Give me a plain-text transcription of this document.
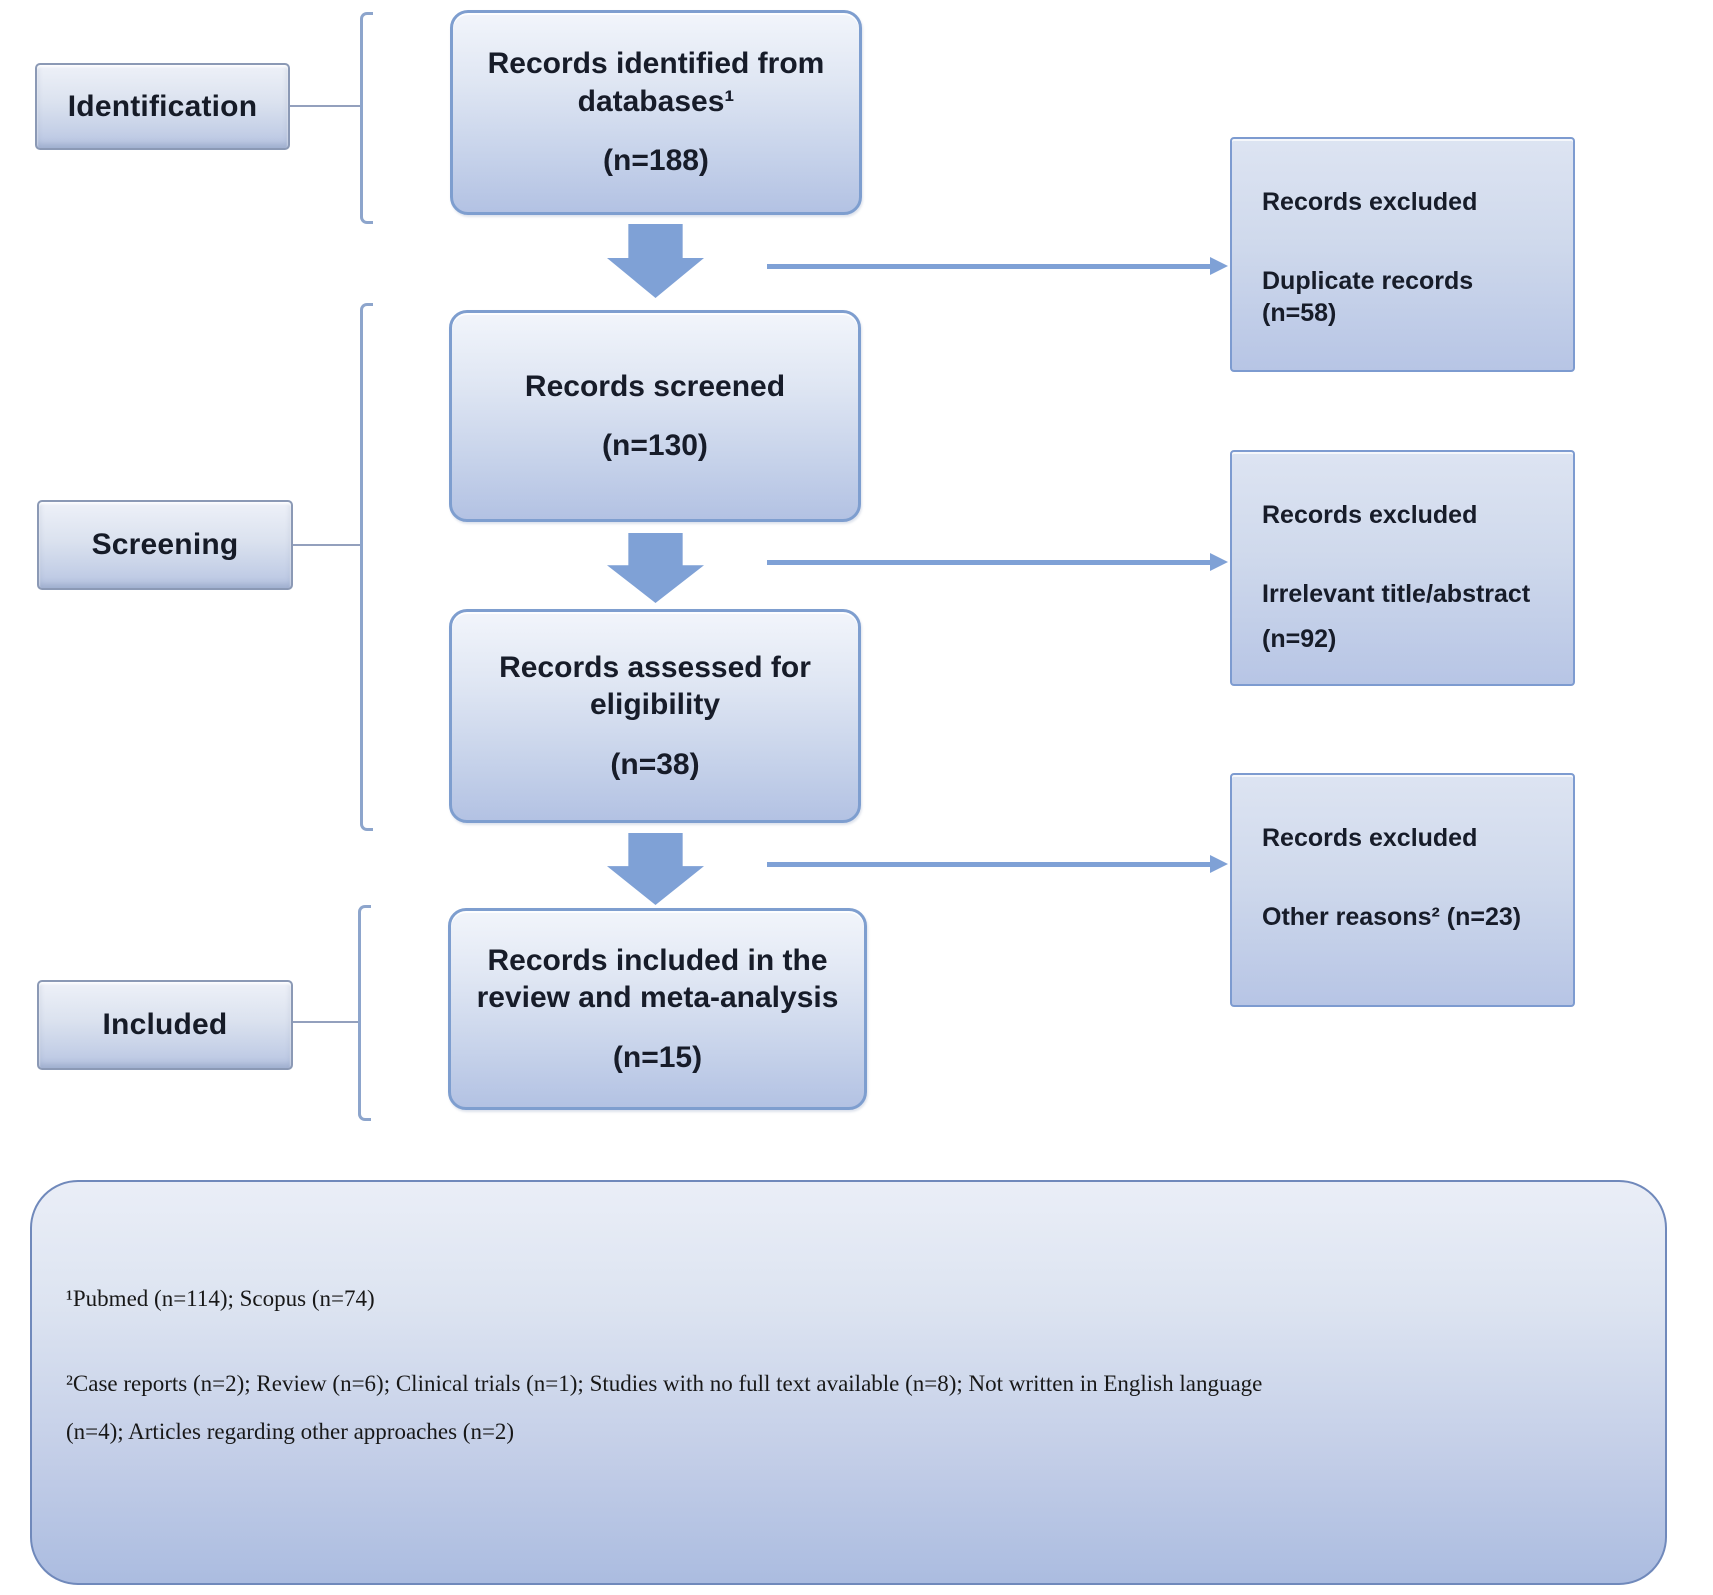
Identification
Records identified from databases¹
(n=188)
Records excluded
Duplicate records (n=58)
Screening
Records screened
(n=130)
Records excluded
Irrelevant title/abstract
(n=92)
Records assessed for eligibility
(n=38)
Records excluded
Other reasons² (n=23)
Included
Records included in the review and meta-analysis
(n=15)

¹Pubmed (n=114); Scopus (n=74)

²Case reports (n=2); Review (n=6); Clinical trials (n=1); Studies with no full text available (n=8); Not written in English language

(n=4); Articles regarding other approaches (n=2)
